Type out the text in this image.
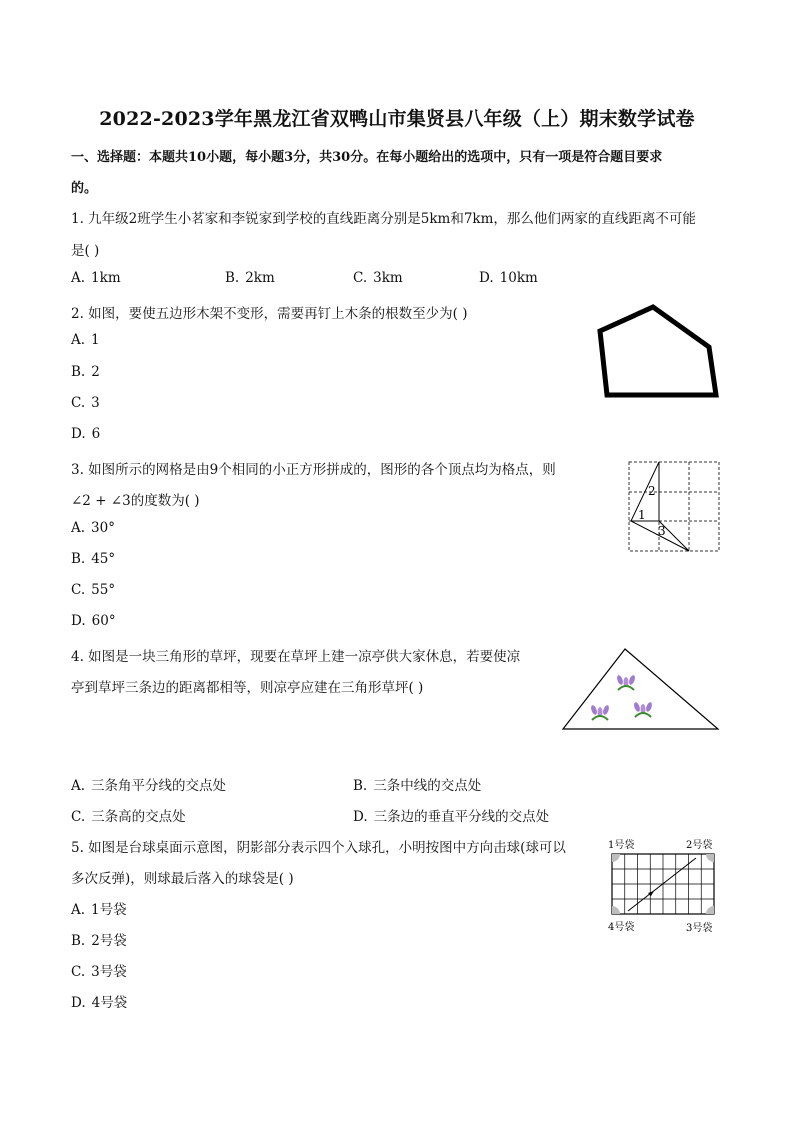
2022-2023学年黑龙江省双鸭山市集贤县八年级（上）期末数学试卷
一、选择题：本题共10小题，每小题3分，共30分。在每小题给出的选项中，只有一项是符合题目要求
的。
1. 九年级2班学生小茗家和李锐家到学校的直线距离分别是5km和7km，那么他们两家的直线距离不可能
是( )
A. 1km	B. 2km	C. 3km	D. 10km
2. 如图，要使五边形木架不变形，需要再钉上木条的根数至少为( )
A. 1
B. 2
C. 3
D. 6
3. 如图所示的网格是由9个相同的小正方形拼成的，图形的各个顶点均为格点，则
∠2 + ∠3的度数为( )
A. 30°
B. 45°
C. 55°
D. 60°
2
1
3
4. 如图是一块三角形的草坪，现要在草坪上建一凉亭供大家休息，若要使凉
亭到草坪三条边的距离都相等，则凉亭应建在三角形草坪( )
A. 三条角平分线的交点处	B. 三条中线的交点处
C. 三条高的交点处	D. 三条边的垂直平分线的交点处
5. 如图是台球桌面示意图，阴影部分表示四个入球孔，小明按图中方向击球(球可以
多次反弹)，则球最后落入的球袋是( )
A. 1号袋
B. 2号袋
C. 3号袋
D. 4号袋
1号袋	2号袋
4号袋	3号袋
